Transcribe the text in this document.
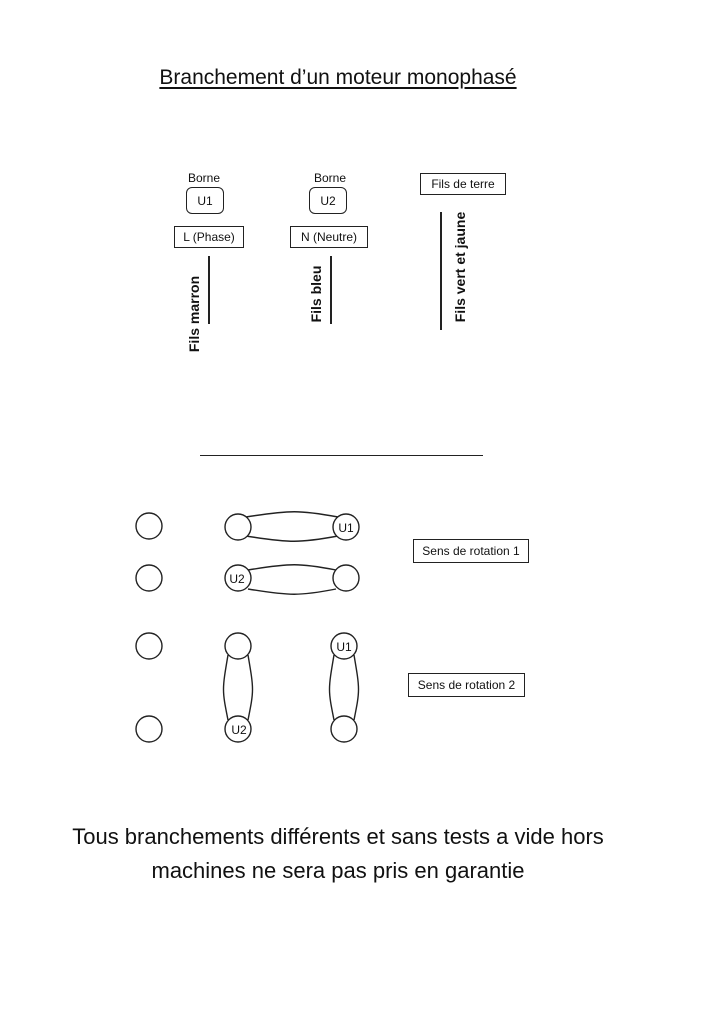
Branchement d’un moteur monophasé
Borne
U1
L (Phase)
Fils marron
Borne
U2
N (Neutre)
Fils bleu
Fils de terre
Fils vert et jaune
U1
U2
U1
U2
Sens de rotation 1
Sens de rotation 2
Tous branchements différents et sans tests a vide hors
machines ne sera pas pris en garantie
